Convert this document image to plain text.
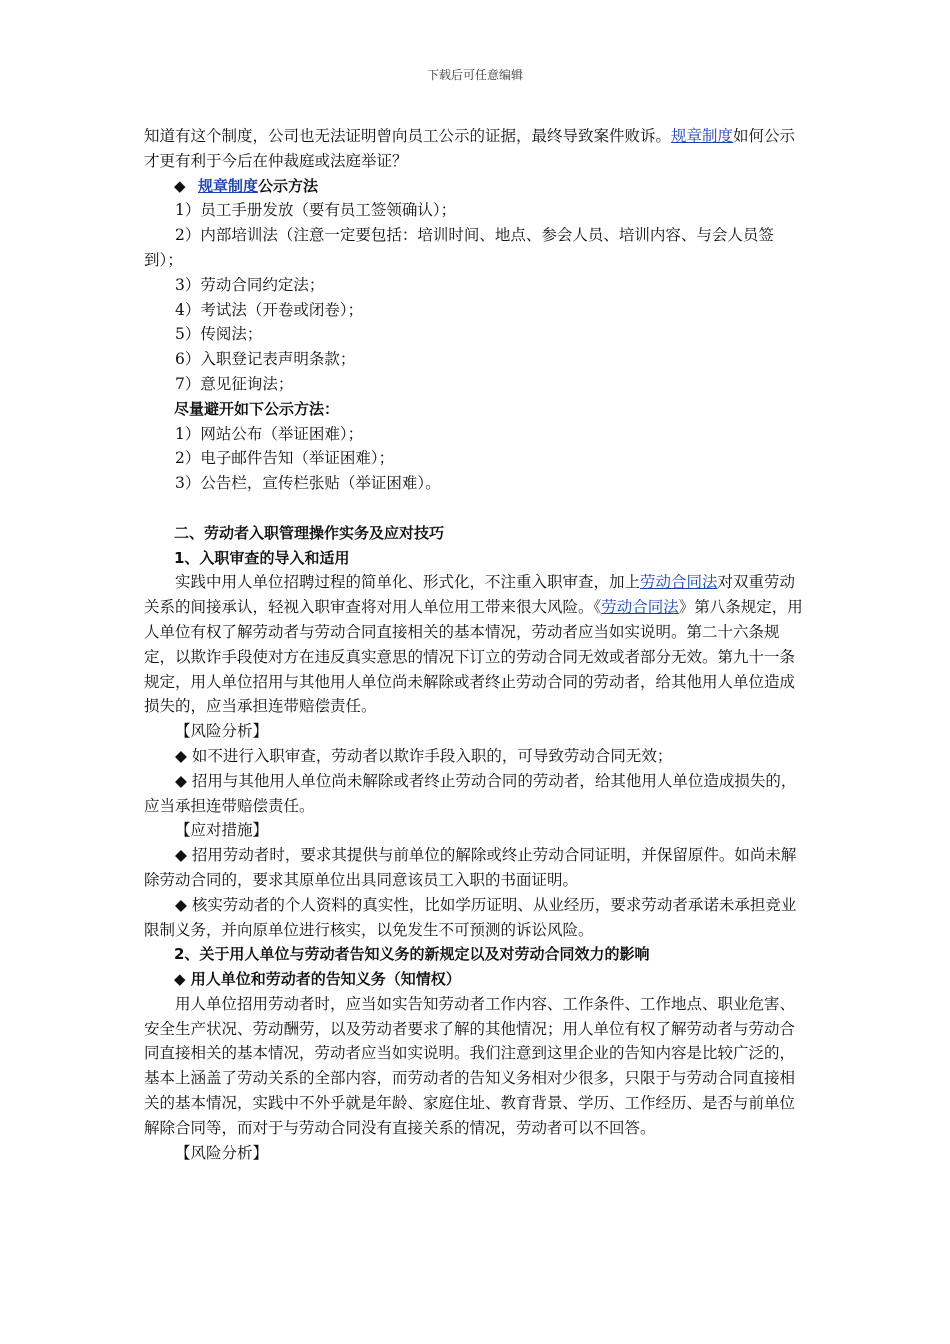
下载后可任意编辑

知道有这个制度，公司也无法证明曾向员工公示的证据，最终导致案件败诉。规章制度如何公示才更有利于今后在仲裁庭或法庭举证？

◆ 规章制度公示方法

1）员工手册发放（要有员工签领确认）；

2）内部培训法（注意一定要包括：培训时间、地点、参会人员、培训内容、与会人员签到）；

3）劳动合同约定法；

4）考试法（开卷或闭卷）；

5）传阅法；

6）入职登记表声明条款；

7）意见征询法；

尽量避开如下公示方法：

1）网站公布（举证困难）；

2）电子邮件告知（举证困难）；

3）公告栏，宣传栏张贴（举证困难）。

二、劳动者入职管理操作实务及应对技巧

1、入职审查的导入和适用

实践中用人单位招聘过程的简单化、形式化，不注重入职审查，加上劳动合同法对双重劳动关系的间接承认，轻视入职审查将对用人单位用工带来很大风险。《劳动合同法》第八条规定，用人单位有权了解劳动者与劳动合同直接相关的基本情况，劳动者应当如实说明。第二十六条规定，以欺诈手段使对方在违反真实意思的情况下订立的劳动合同无效或者部分无效。第九十一条规定，用人单位招用与其他用人单位尚未解除或者终止劳动合同的劳动者，给其他用人单位造成损失的，应当承担连带赔偿责任。

【风险分析】

◆ 如不进行入职审查，劳动者以欺诈手段入职的，可导致劳动合同无效；

◆ 招用与其他用人单位尚未解除或者终止劳动合同的劳动者，给其他用人单位造成损失的，应当承担连带赔偿责任。

【应对措施】

◆ 招用劳动者时，要求其提供与前单位的解除或终止劳动合同证明，并保留原件。如尚未解除劳动合同的，要求其原单位出具同意该员工入职的书面证明。

◆ 核实劳动者的个人资料的真实性，比如学历证明、从业经历，要求劳动者承诺未承担竞业限制义务，并向原单位进行核实，以免发生不可预测的诉讼风险。

2、关于用人单位与劳动者告知义务的新规定以及对劳动合同效力的影响

◆ 用人单位和劳动者的告知义务（知情权）

用人单位招用劳动者时，应当如实告知劳动者工作内容、工作条件、工作地点、职业危害、安全生产状况、劳动酬劳，以及劳动者要求了解的其他情况；用人单位有权了解劳动者与劳动合同直接相关的基本情况，劳动者应当如实说明。我们注意到这里企业的告知内容是比较广泛的，基本上涵盖了劳动关系的全部内容，而劳动者的告知义务相对少很多，只限于与劳动合同直接相关的基本情况，实践中不外乎就是年龄、家庭住址、教育背景、学历、工作经历、是否与前单位解除合同等，而对于与劳动合同没有直接关系的情况，劳动者可以不回答。

【风险分析】
